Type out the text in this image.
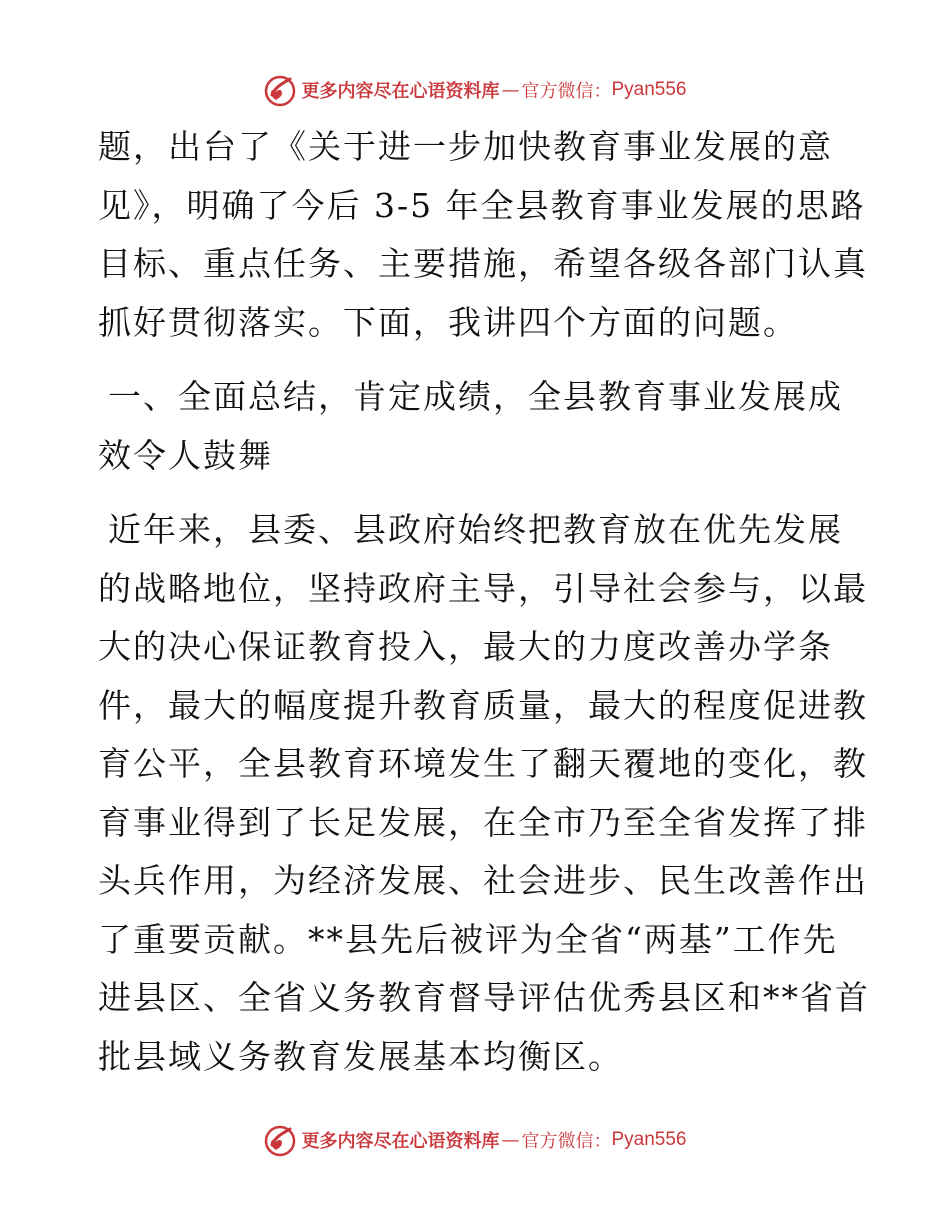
更多内容尽在心语资料库 — 官方微信： Pyan556
题，出台了《关于进一步加快教育事业发展的意
见》，明确了今后 3-5 年全县教育事业发展的思路
目标、重点任务、主要措施，希望各级各部门认真
抓好贯彻落实。下面，我讲四个方面的问题。
一、全面总结，肯定成绩，全县教育事业发展成
效令人鼓舞
近年来，县委、县政府始终把教育放在优先发展
的战略地位，坚持政府主导，引导社会参与，以最
大的决心保证教育投入，最大的力度改善办学条
件，最大的幅度提升教育质量，最大的程度促进教
育公平，全县教育环境发生了翻天覆地的变化，教
育事业得到了长足发展，在全市乃至全省发挥了排
头兵作用，为经济发展、社会进步、民生改善作出
了重要贡献。**县先后被评为全省“两基”工作先
进县区、全省义务教育督导评估优秀县区和**省首
批县域义务教育发展基本均衡区。
更多内容尽在心语资料库 — 官方微信： Pyan556
